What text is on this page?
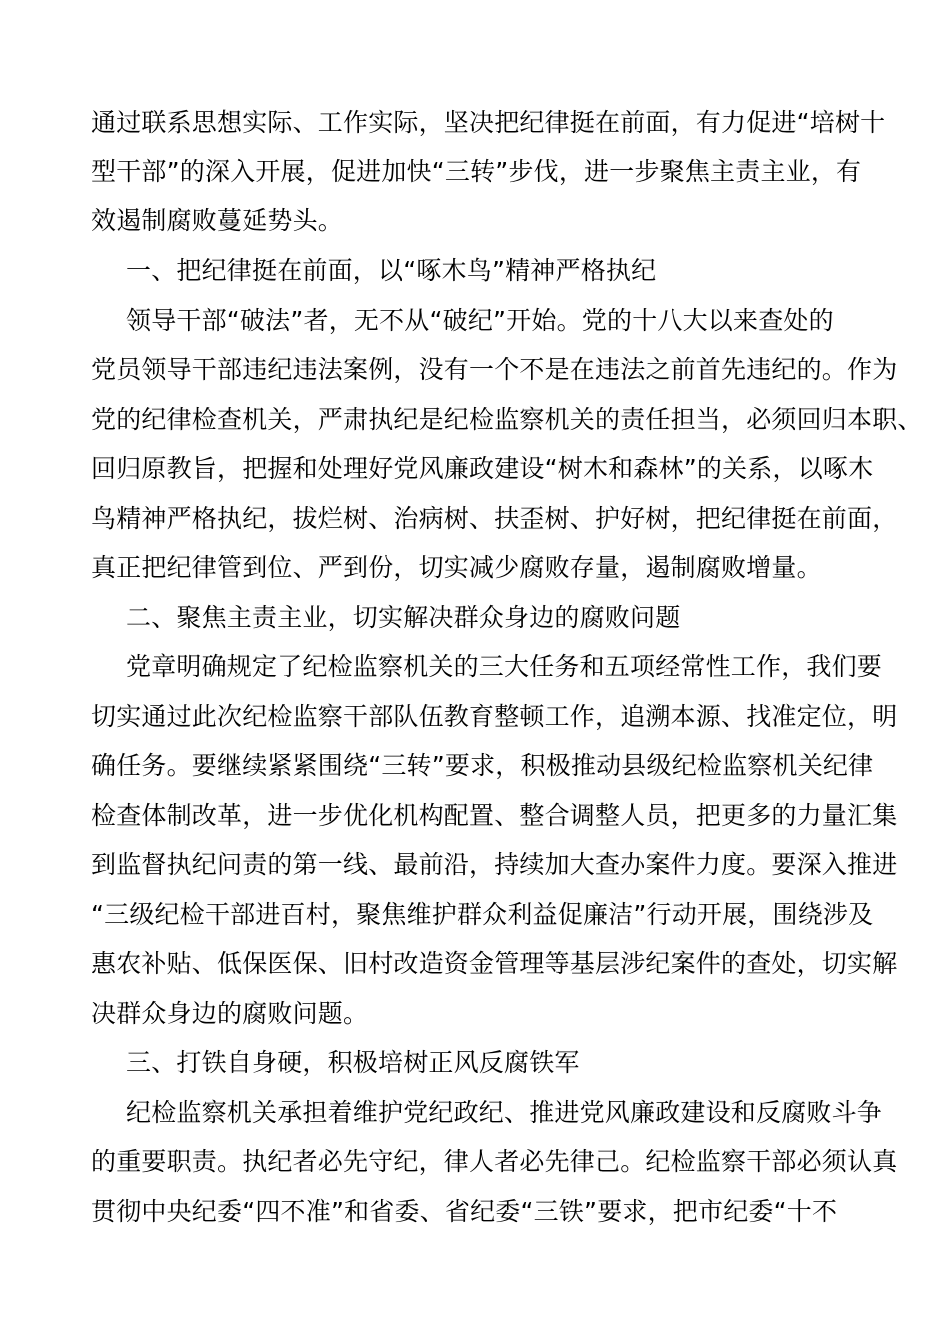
通过联系思想实际、工作实际，坚决把纪律挺在前面，有力促进“培树十

型干部”的深入开展，促进加快“三转”步伐，进一步聚焦主责主业，有

效遏制腐败蔓延势头。

一、把纪律挺在前面，以“啄木鸟”精神严格执纪

领导干部“破法”者，无不从“破纪”开始。党的十八大以来查处的

党员领导干部违纪违法案例，没有一个不是在违法之前首先违纪的。作为

党的纪律检查机关，严肃执纪是纪检监察机关的责任担当，必须回归本职、

回归原教旨，把握和处理好党风廉政建设“树木和森林”的关系，以啄木

鸟精神严格执纪，拔烂树、治病树、扶歪树、护好树，把纪律挺在前面，

真正把纪律管到位、严到份，切实减少腐败存量，遏制腐败增量。

二、聚焦主责主业，切实解决群众身边的腐败问题

党章明确规定了纪检监察机关的三大任务和五项经常性工作，我们要

切实通过此次纪检监察干部队伍教育整顿工作，追溯本源、找准定位，明

确任务。要继续紧紧围绕“三转”要求，积极推动县级纪检监察机关纪律

检查体制改革，进一步优化机构配置、整合调整人员，把更多的力量汇集

到监督执纪问责的第一线、最前沿，持续加大查办案件力度。要深入推进

“三级纪检干部进百村，聚焦维护群众利益促廉洁”行动开展，围绕涉及

惠农补贴、低保医保、旧村改造资金管理等基层涉纪案件的查处，切实解

决群众身边的腐败问题。

三、打铁自身硬，积极培树正风反腐铁军

纪检监察机关承担着维护党纪政纪、推进党风廉政建设和反腐败斗争

的重要职责。执纪者必先守纪，律人者必先律己。纪检监察干部必须认真

贯彻中央纪委“四不准”和省委、省纪委“三铁”要求，把市纪委“十不
